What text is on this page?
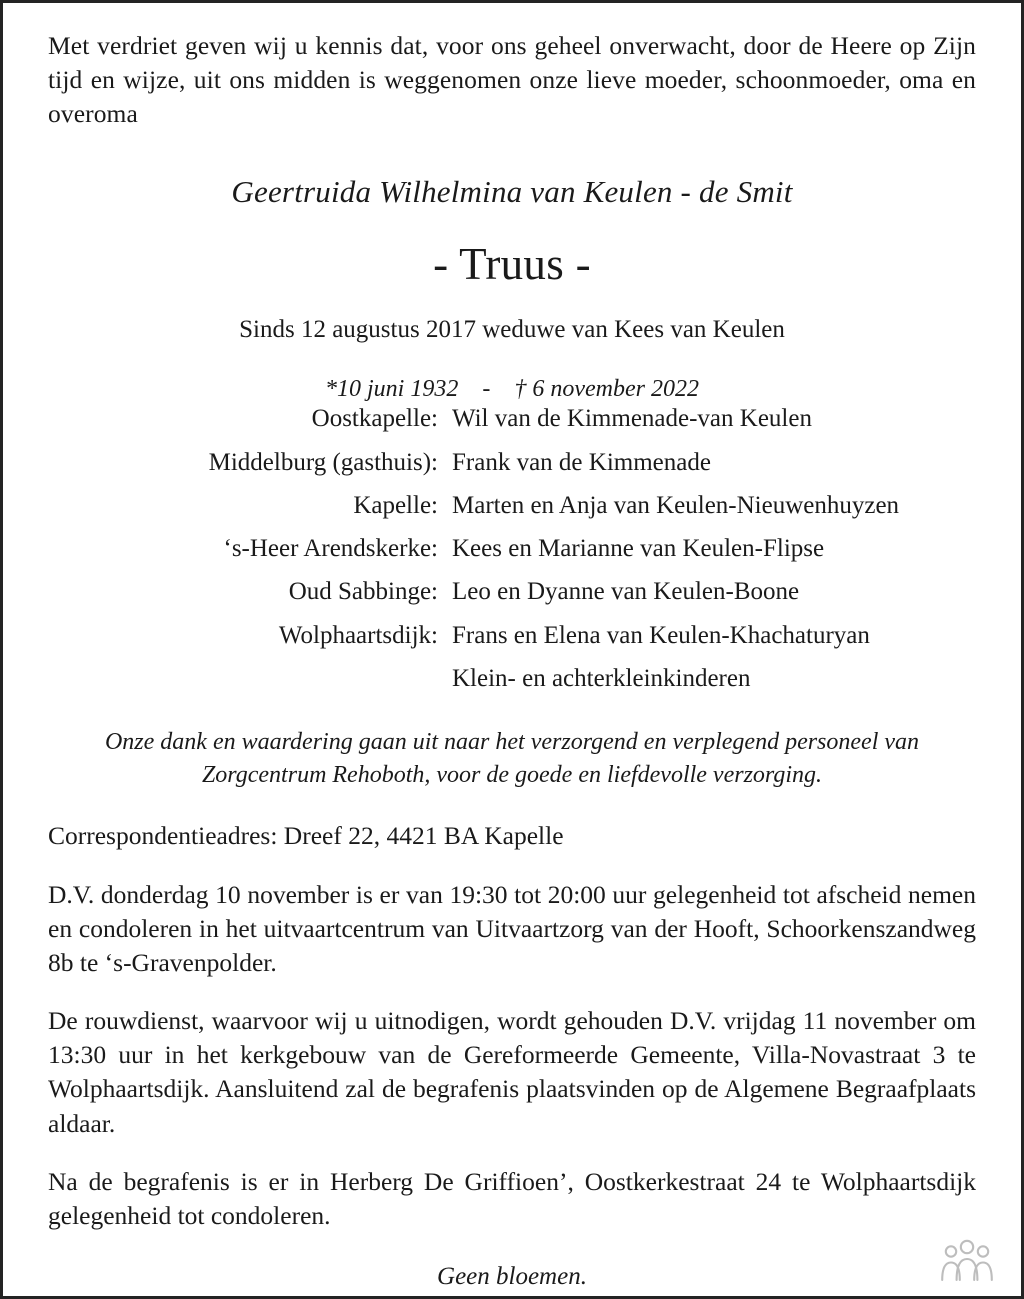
Met verdriet geven wij u kennis dat, voor ons geheel onverwacht, door de Heere op Zijn tijd en wijze, uit ons midden is weggenomen onze lieve moeder, schoonmoeder, oma en overoma

Geertruida Wilhelmina van Keulen - de Smit
- Truus -

Sinds 12 augustus 2017 weduwe van Kees van Keulen

*10 juni 1932    -    † 6 november 2022

Oostkapelle:	Wil van de Kimmenade-van Keulen
Middelburg (gasthuis):	Frank van de Kimmenade
Kapelle:	Marten en Anja van Keulen-Nieuwenhuyzen
‘s-Heer Arendskerke:	Kees en Marianne van Keulen-Flipse
Oud Sabbinge:	Leo en Dyanne van Keulen-Boone
Wolphaartsdijk:	Frans en Elena van Keulen-Khachaturyan
	Klein- en achterkleinkinderen

Onze dank en waardering gaan uit naar het verzorgend en verplegend personeel van Zorgcentrum Rehoboth, voor de goede en liefdevolle verzorging.

Correspondentieadres: Dreef 22, 4421 BA Kapelle

D.V. donderdag 10 november is er van 19:30 tot 20:00 uur gelegenheid tot afscheid nemen en condoleren in het uitvaartcentrum van Uitvaartzorg van der Hooft, Schoorkenszandweg 8b te ‘s-Gravenpolder.

De rouwdienst, waarvoor wij u uitnodigen, wordt gehouden D.V. vrijdag 11 november om 13:30 uur in het kerkgebouw van de Gereformeerde Gemeente, Villa-Novastraat 3 te Wolphaartsdijk. Aansluitend zal de begrafenis plaatsvinden op de Algemene Begraafplaats aldaar.

Na de begrafenis is er in Herberg De Griffioen’, Oostkerkestraat 24 te Wolphaartsdijk gelegenheid tot condoleren.

Geen bloemen.
